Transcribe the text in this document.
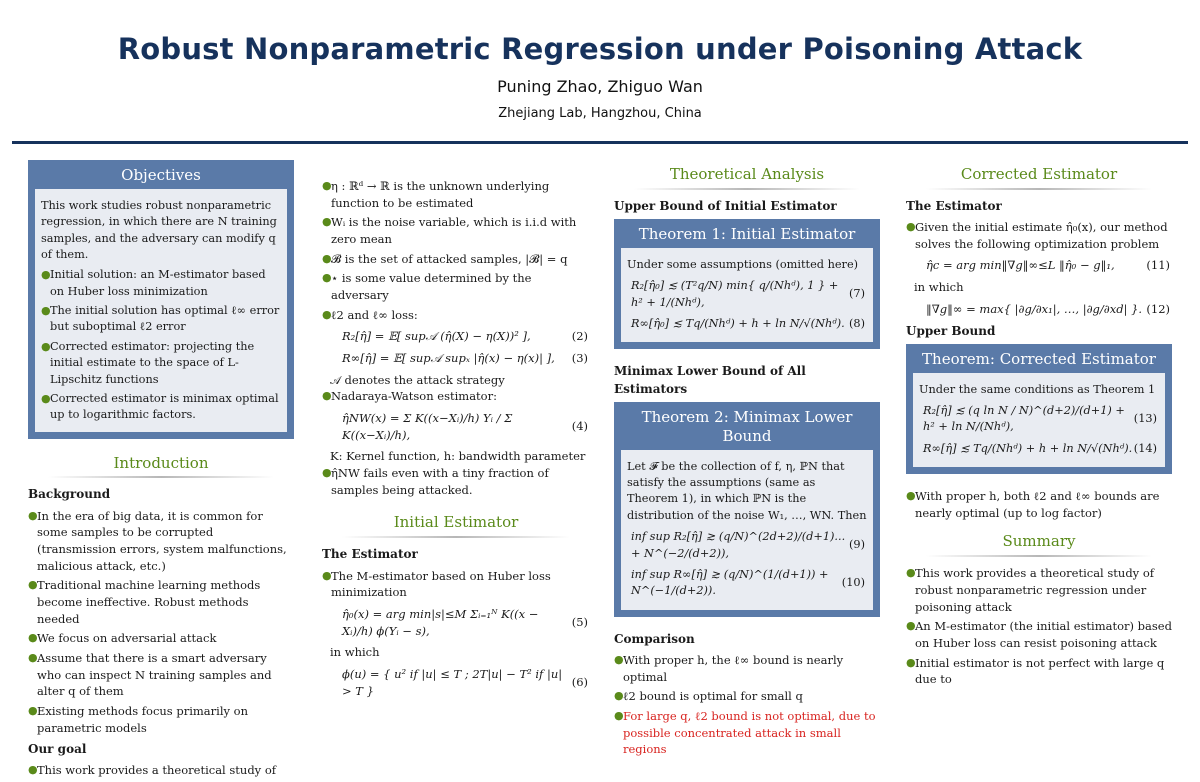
Robust Nonparametric Regression under Poisoning Attack
Puning Zhao, Zhiguo Wan
Zhejiang Lab, Hangzhou, China
Objectives
This work studies robust nonparametric regression, in which there are N training samples, and the adversary can modify q of them.
● Initial solution: an M-estimator based on Huber loss minimization
● The initial solution has optimal ℓ∞ error but suboptimal ℓ2 error
● Corrected estimator: projecting the initial estimate to the space of L-Lipschitz functions
● Corrected estimator is minimax optimal up to logarithmic factors.
Introduction
Background
● In the era of big data, it is common for some samples to be corrupted (transmission errors, system malfunctions, malicious attack, etc.)
● Traditional machine learning methods become ineffective. Robust methods needed
● We focus on adversarial attack
● Assume that there is a smart adversary who can inspect N training samples and alter q of them
● Existing methods focus primarily on parametric models
Our goal
● This work provides a theoretical study of
● η : ℝᵈ → ℝ is the unknown underlying function to be estimated
● Wᵢ is the noise variable, which is i.i.d with zero mean
● 𝓑 is the set of attacked samples, |𝓑| = q
● ⋆ is some value determined by the adversary
● ℓ2 and ℓ∞ loss:
R₂[η̂] = 𝔼[ sup𝒜 (η̂(X) − η(X))² ],	(2)
R∞[η̂] = 𝔼[ sup𝒜 supₓ |η̂(x) − η(x)| ], (3)
𝒜 denotes the attack strategy
● Nadaraya-Watson estimator:
η̂NW(x) = Σ K((x−Xᵢ)/h) Yᵢ / Σ K((x−Xᵢ)/h),
(4)
K: Kernel function, h: bandwidth parameter
● η̂NW fails even with a tiny fraction of samples being attacked.
Initial Estimator
The Estimator
● The M-estimator based on Huber loss minimization
η̂₀(x) = arg min|s|≤M Σᵢ₌₁ᴺ K((x − Xᵢ)/h) ϕ(Yᵢ − s),
(5)
in which
ϕ(u) = { u² if |u| ≤ T ; 2T|u| − T² if |u| > T }
(6)
Theoretical Analysis
Upper Bound of Initial Estimator
Theorem 1: Initial Estimator
Under some assumptions (omitted here)
R₂[η̂₀] ≲ (T²q/N) min{ q/(Nhᵈ), 1 } + h² + 1/(Nhᵈ),
(7)
R∞[η̂₀] ≲ Tq/(Nhᵈ) + h + ln N/√(Nhᵈ). (8)
Minimax Lower Bound of All Estimators
Theorem 2: Minimax Lower Bound
Let 𝓕 be the collection of f, η, ℙN that satisfy the assumptions (same as Theorem 1), in which ℙN is the distribution of the noise W₁, …, WN. Then
inf sup R₂[η̂] ≳ (q/N)^(2d+2)/(d+1)... + N^(−2/(d+2)),
(9)
inf sup R∞[η̂] ≳ (q/N)^(1/(d+1)) + N^(−1/(d+2)).
(10)
Comparison
● With proper h, the ℓ∞ bound is nearly optimal
● ℓ2 bound is optimal for small q
● For large q, ℓ2 bound is not optimal, due to possible concentrated attack in small regions
Corrected Estimator
The Estimator
● Given the initial estimate η̂₀(x), our method solves the following optimization problem
η̂c = arg min‖∇g‖∞≤L ‖η̂₀ − g‖₁,	(11)
in which
‖∇g‖∞ = max{ |∂g/∂x₁|, …, |∂g/∂xd| }. (12)
Upper Bound
Theorem: Corrected Estimator
Under the same conditions as Theorem 1
R₂[η̂] ≲ (q ln N / N)^(d+2)/(d+1) + h² + ln N/(Nhᵈ),
(13)
R∞[η̂] ≲ Tq/(Nhᵈ) + h + ln N/√(Nhᵈ). (14)
● With proper h, both ℓ2 and ℓ∞ bounds are nearly optimal (up to log factor)
Summary
● This work provides a theoretical study of robust nonparametric regression under poisoning attack
● An M-estimator (the initial estimator) based on Huber loss can resist poisoning attack
● Initial estimator is not perfect with large q due to
